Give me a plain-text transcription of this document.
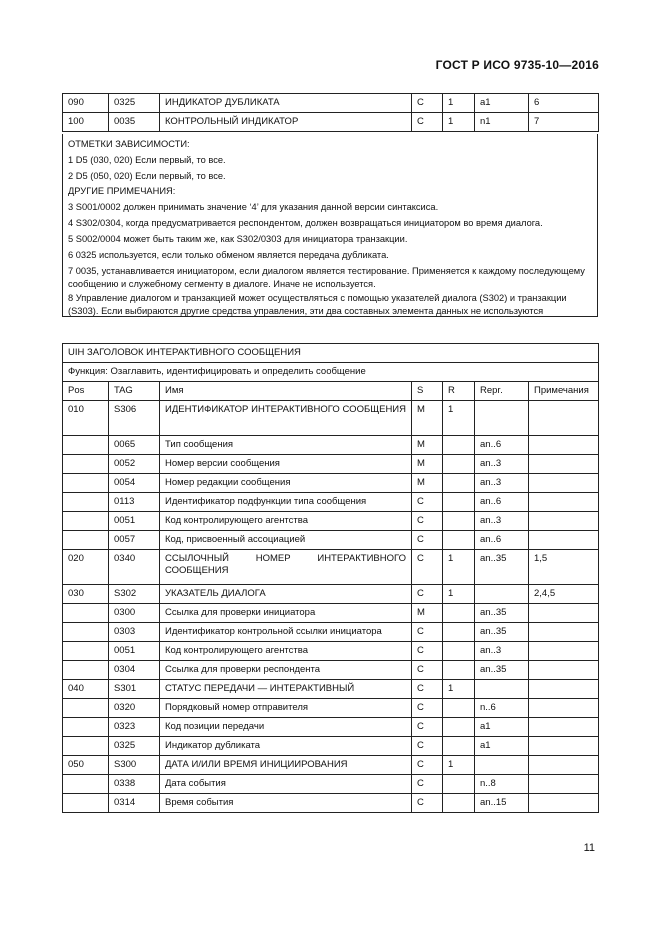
ГОСТ Р ИСО 9735-10—2016
090	0325	ИНДИКАТОР ДУБЛИКАТА	C	1	a1	6
100	0035	КОНТРОЛЬНЫЙ ИНДИКАТОР	C	1	n1	7
ОТМЕТКИ ЗАВИСИМОСТИ:
1 D5 (030, 020) Если первый, то все.
2 D5 (050, 020) Если первый, то все.
ДРУГИЕ ПРИМЕЧАНИЯ:
3 S001/0002 должен принимать значение ‘4’ для указания данной версии синтаксиса.
4 S302/0304, когда предусматривается респондентом, должен возвращаться инициатором во время диалога.
5 S002/0004 может быть таким же, как S302/0303 для инициатора транзакции.
6 0325 используется, если только обменом является передача дубликата.
7 0035, устанавливается инициатором, если диалогом является тестирование. Применяется к каждому последующему сообщению и служебному сегменту в диалоге. Иначе не используется.
8 Управление диалогом и транзакцией может осуществляться с помощью указателей диалога (S302) и транзакции (S303). Если выбираются другие средства управления, эти два составных элемента данных не используются
UIH ЗАГОЛОВОК ИНТЕРАКТИВНОГО СООБЩЕНИЯ						
Функция: Озаглавить, идентифицировать и определить сообщение						
Pos	TAG	Имя	S	R	Repr.	Примечания
010	S306	ИДЕНТИФИКАТОР ИНТЕРАКТИВНОГО СООБЩЕНИЯ	M	1		
	0065	Тип сообщения	M		an..6	
	0052	Номер версии сообщения	M		an..3	
	0054	Номер редакции сообщения	M		an..3	
	0113	Идентификатор подфункции типа сообщения	C		an..6	
	0051	Код контролирующего агентства	C		an..3	
	0057	Код, присвоенный ассоциацией	C		an..6	
020	0340	ССЫЛОЧНЫЙ НОМЕР ИНТЕРАКТИВНОГО СООБЩЕНИЯ	C	1	an..35	1,5
030	S302	УКАЗАТЕЛЬ ДИАЛОГА	C	1		2,4,5
	0300	Ссылка для проверки инициатора	M		an..35	
	0303	Идентификатор контрольной ссылки инициатора	C		an..35	
	0051	Код контролирующего агентства	C		an..3	
	0304	Ссылка для проверки респондента	C		an..35	
040	S301	СТАТУС ПЕРЕДАЧИ — ИНТЕРАКТИВНЫЙ	C	1		
	0320	Порядковый номер отправителя	C		n..6	
	0323	Код позиции передачи	C		a1	
	0325	Индикатор дубликата	C		a1	
050	S300	ДАТА И/ИЛИ ВРЕМЯ ИНИЦИИРОВАНИЯ	C	1		
	0338	Дата события	C		n..8	
	0314	Время события	C		an..15	
11
